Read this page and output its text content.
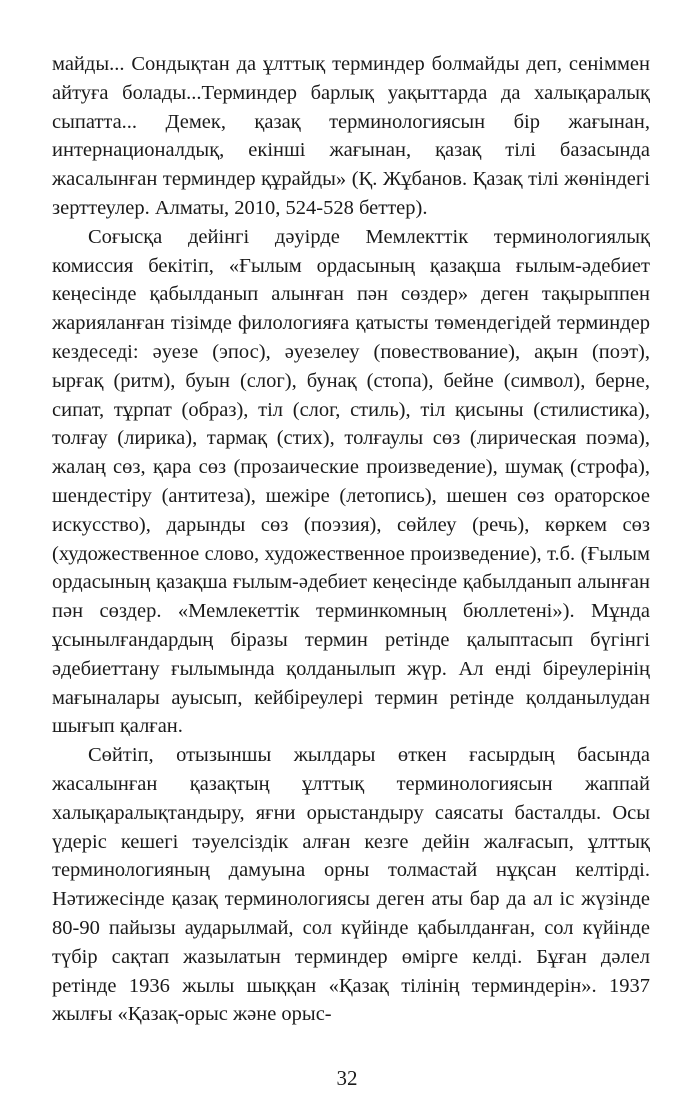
майды... Сондықтан да ұлттық терминдер болмайды деп, сеніммен айтуға болады...Терминдер барлық уақыттарда да халықаралық сыпатта... Демек, қазақ терминологиясын бір жағынан, интернационалдық, екінші жағынан, қазақ тілі базасында жасалынған терминдер құрайды» (Қ. Жұбанов. Қазақ тілі жөніндегі зерттеулер. Алматы, 2010, 524-528 беттер).

Соғысқа дейінгі дәуірде Мемлекттік терминологиялық комиссия бекітіп, «Ғылым ордасының қазақша ғылым-әдебиет кеңесінде қабылданып алынған пән сөздер» деген тақырыппен жарияланған тізімде филологияға қатысты төмендегідей терминдер кездеседі: әуезе (эпос), әуезелеу (повествование), ақын (поэт), ырғақ (ритм), буын (слог), бунақ (стопа), бейне (символ), берне, сипат, тұрпат (образ), тіл (слог, стиль), тіл қисыны (стилистика), толғау (лирика), тармақ (стих), толғаулы сөз (лирическая поэма), жалаң сөз, қара сөз (прозаические произведение), шумақ (строфа), шендестіру (антитеза), шежіре (летопись), шешен сөз ораторское искусство), дарынды сөз (поэзия), сөйлеу (речь), көркем сөз (художественное слово, художественное произведение), т.б. (Ғылым ордасының қазақша ғылым-әдебиет кеңесінде қабылданып алынған пән сөздер. «Мемлекеттік терминкомның бюллетені»). Мұнда ұсынылғандардың біразы термин ретінде қалыптасып бүгінгі әдебиеттану ғылымында қолданылып жүр. Ал енді біреулерінің мағыналары ауысып, кейбіреулері термин ретінде қолданылудан шығып қалған.

Сөйтіп, отызыншы жылдары өткен ғасырдың басында жасалынған қазақтың ұлттық терминологиясын жаппай халықаралықтандыру, яғни орыстандыру саясаты басталды. Осы үдеріс кешегі тәуелсіздік алған кезге дейін жалғасып, ұлттық терминологияның дамуына орны толмастай нұқсан келтірді. Нәтижесінде қазақ терминологиясы деген аты бар да ал іс жүзінде 80-90 пайызы аударылмай, сол күйінде қабылданған, сол күйінде түбір сақтап жазылатын терминдер өмірге келді. Бұған дәлел ретінде 1936 жылы шыққан «Қазақ тілінің терминдерін». 1937 жылғы «Қазақ-орыс және орыс-

32
